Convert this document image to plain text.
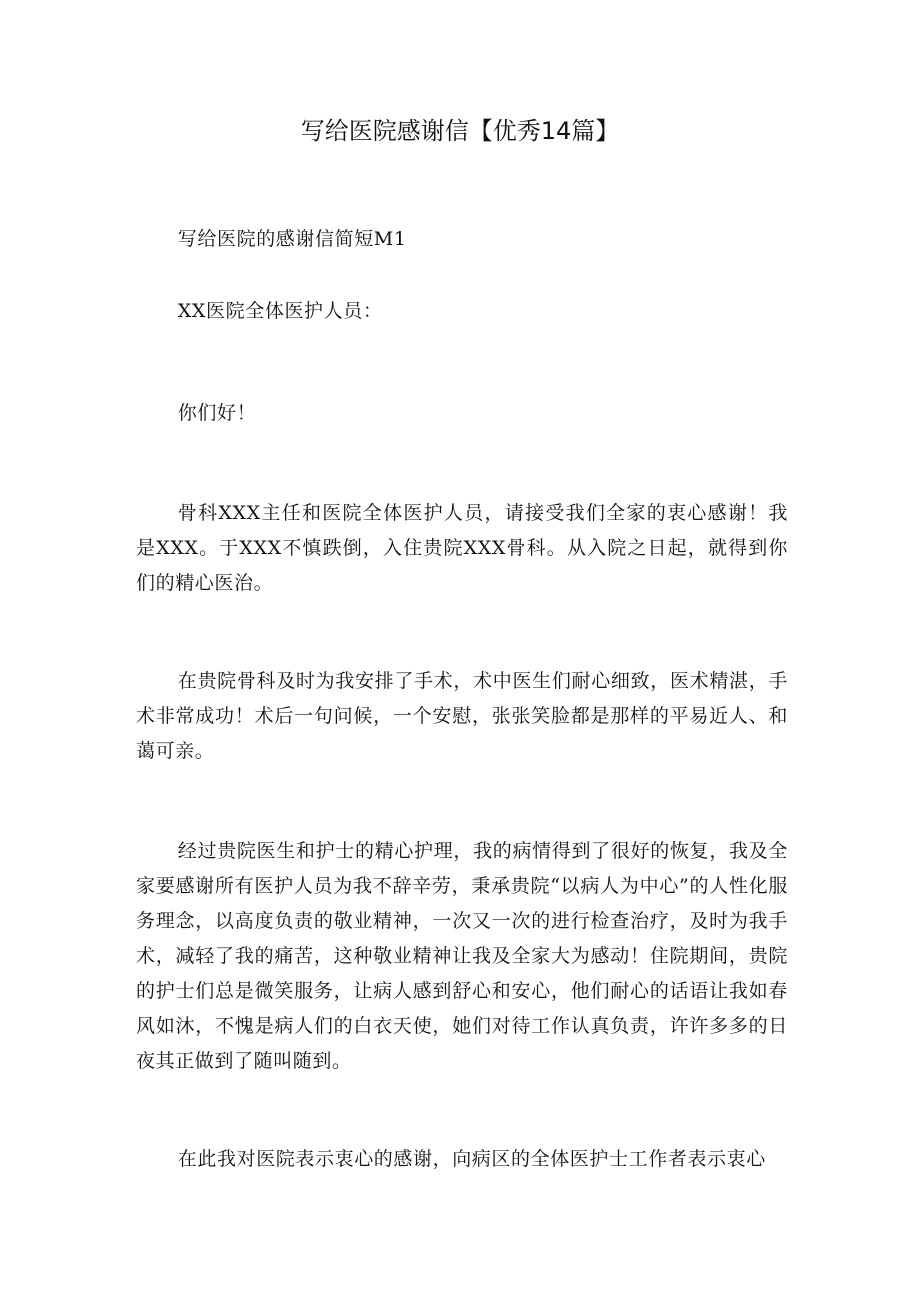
写给医院感谢信【优秀14篇】

写给医院的感谢信简短M1

XX医院全体医护人员：

你们好！

骨科XXX主任和医院全体医护人员，请接受我们全家的衷心感谢！我是XXX。于XXX不慎跌倒，入住贵院XXX骨科。从入院之日起，就得到你们的精心医治。

在贵院骨科及时为我安排了手术，术中医生们耐心细致，医术精湛，手术非常成功！术后一句问候，一个安慰，张张笑脸都是那样的平易近人、和蔼可亲。

经过贵院医生和护士的精心护理，我的病情得到了很好的恢复，我及全家要感谢所有医护人员为我不辞辛劳，秉承贵院“以病人为中心”的人性化服务理念，以高度负责的敬业精神，一次又一次的进行检查治疗，及时为我手术，减轻了我的痛苦，这种敬业精神让我及全家大为感动！住院期间，贵院的护士们总是微笑服务，让病人感到舒心和安心，他们耐心的话语让我如春风如沐，不愧是病人们的白衣天使，她们对待工作认真负责，许许多多的日夜其正做到了随叫随到。

在此我对医院表示衷心的感谢，向病区的全体医护士工作者表示衷心
